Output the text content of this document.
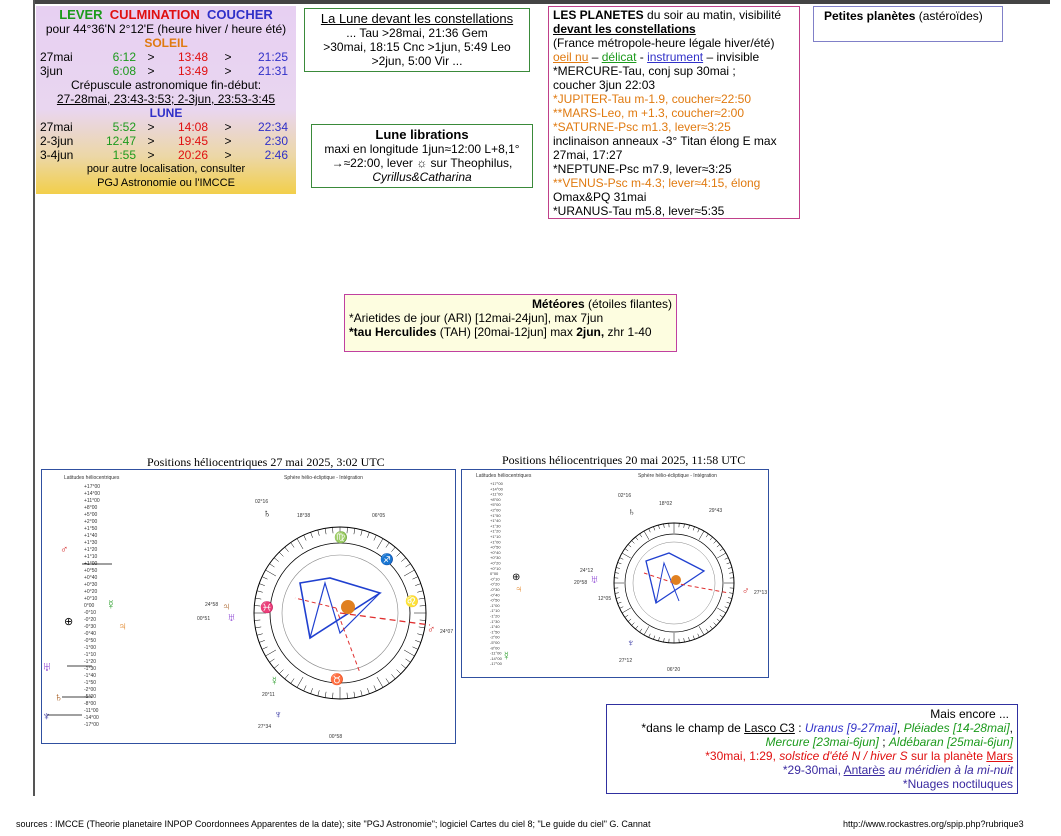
LEVER CULMINATION COUCHER
pour 44°36'N 2°12'E (heure hiver / heure été)
SOLEIL
27mai	6:12 >	13:48	>	21:25
3jun	6:08 >	13:49	>	21:31
Crépuscule astronomique fin-début:
27-28mai, 23:43-3:53; 2-3jun, 23:53-3:45
LUNE
27mai	5:52 >	14:08	>	22:34
2-3jun	12:47 >	19:45	>	2:30
3-4jun	1:55 >	20:26	>	2:46
pour autre localisation, consulter
PGJ Astronomie ou l'IMCCE
La Lune devant les constellations
... Tau >28mai, 21:36 Gem
>30mai, 18:15 Cnc >1jun, 5:49 Leo
>2jun, 5:00 Vir ...
Lune librations
maxi en longitude 1jun≈12:00 L+8,1°
→≈22:00, lever ☼ sur Theophilus,
Cyrillus&Catharina
LES PLANETES du soir au matin, visibilité
devant les constellations
(France métropole-heure légale hiver/été)
oeil nu – délicat - instrument – invisible
*MERCURE-Tau, conj sup 30mai ;
coucher 3jun 22:03
*JUPITER-Tau m-1.9, coucher≈22:50
**MARS-Leo, m +1.3, coucher≈2:00
*SATURNE-Psc m1.3, lever≈3:25
inclinaison anneaux -3° Titan élong E max
27mai, 17:27
*NEPTUNE-Psc m7.9, lever≈3:25
**VENUS-Psc m-4.3; lever≈4:15, élong
Omax&PQ 31mai
*URANUS-Tau m5.8, lever≈5:35
Petites planètes (astéroïdes)
Météores (étoiles filantes)
*Arietides de jour (ARI) [12mai-24jun], max 7jun
*tau Herculides (TAH) [20mai-12jun] max 2jun, zhr 1-40
Positions héliocentriques 27 mai 2025, 3:02 UTC
Latitudes héliocentriques	Sphère hélio-écliptique - Intégration
+17°00
+14°00
+11°00
+8°00
+5°00
+2°00
+1°50
+1°40
+1°30
+1°20
+1°10
+1°00
+0°50
+0°40
+0°30
+0°20
+0°10
0°00
-0°10
-0°20
-0°30
-0°40
-0°50
-1°00
-1°10
-1°20
-1°30
-1°40
-1°50
-2°00
-5°00
-8°00
-11°00
-14°00
-17°00
♂
☿
♃
⊕
♅
♄
♆
♐
♌
♓
♉
♍
02°16
18°38	06°05
24°58
00°51
24°07
20°11
27°34
00°58
♄
♅
♃
♂
☿
♆
Positions héliocentriques 20 mai 2025, 11:58 UTC
Latitudes héliocentriques	Sphère hélio-écliptique - Intégration
+17°00
+14°00
+11°00
+8°00
+5°00
+2°00
+1°50
+1°40
+1°30
+1°20
+1°10
+1°00
+0°50
+0°40
+0°30
+0°20
+0°10
0°00
-0°10
-0°20
-0°30
-0°40
-0°50
-1°00
-1°10
-1°20
-1°30
-1°40
-1°50
-2°00
-5°00
-8°00
-11°00
-14°00
-17°00
02°16
18°02
29°43
24°12
20°58
12°05
27°12
27°13
06°20
♅
♂
♄
♆
☿
⊕
♃
Mais encore ...
*dans le champ de Lasco C3 : Uranus [9-27mai], Pléiades [14-28mai],
Mercure [23mai-6jun] ; Aldébaran [25mai-6jun]
*30mai, 1:29, solstice d'été N / hiver S sur la planète Mars
*29-30mai, Antarès au méridien à la mi-nuit
*Nuages noctiluques
sources : IMCCE (Theorie planetaire INPOP Coordonnees Apparentes de la date); site "PGJ Astronomie"; logiciel Cartes du ciel 8; "Le guide du ciel" G. Cannat	http://www.rockastres.org/spip.php?rubrique3
